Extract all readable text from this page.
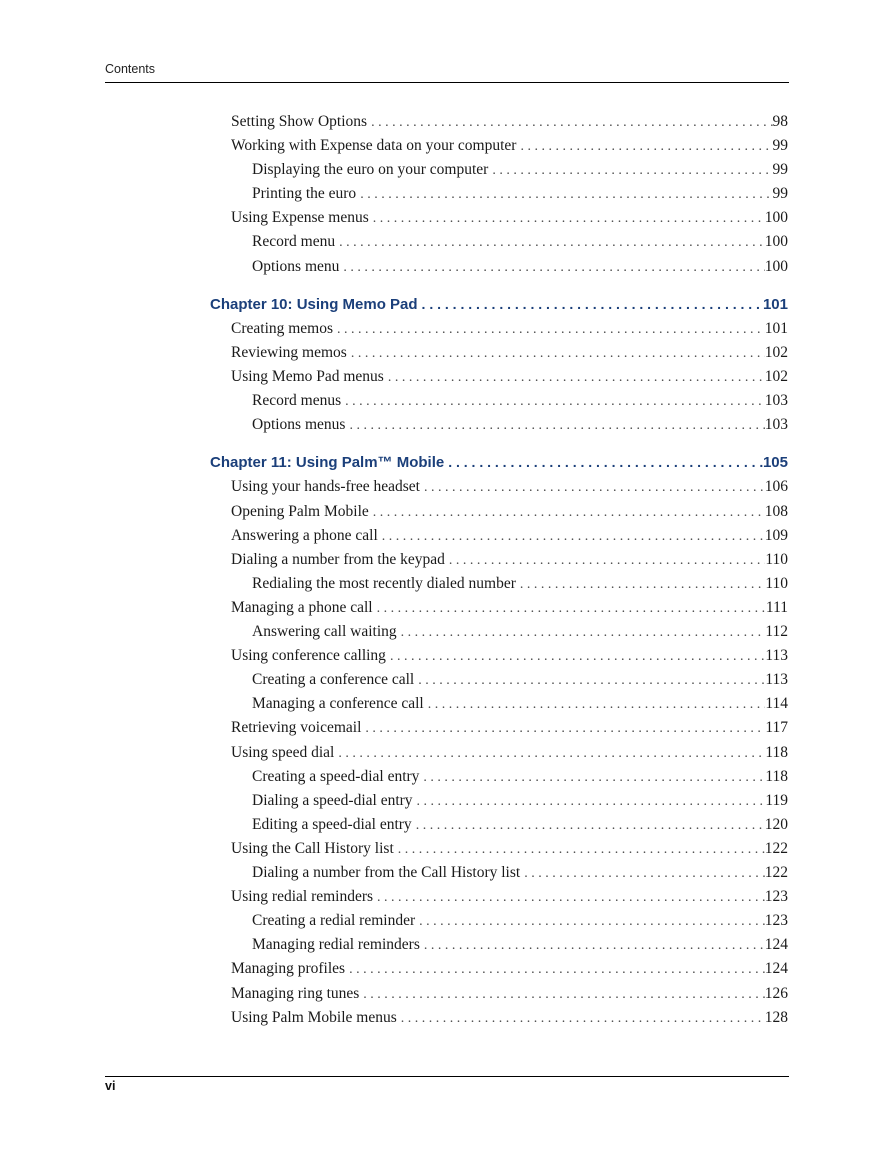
Contents
Setting Show Options . . .	98
Working with Expense data on your computer . . .	99
Displaying the euro on your computer . . .	99
Printing the euro . . .	99
Using Expense menus . . .	100
Record menu . . .	100
Options menu . . .	100
Chapter 10: Using Memo Pad . . .	101
Creating memos . . .	101
Reviewing memos . . .	102
Using Memo Pad menus . . .	102
Record menus . . .	103
Options menus . . .	103
Chapter 11: Using Palm™ Mobile . . .	105
Using your hands-free headset . . .	106
Opening Palm Mobile . . .	108
Answering a phone call . . .	109
Dialing a number from the keypad . . .	110
Redialing the most recently dialed number . . .	110
Managing a phone call . . .	111
Answering call waiting . . .	112
Using conference calling . . .	113
Creating a conference call . . .	113
Managing a conference call . . .	114
Retrieving voicemail . . .	117
Using speed dial . . .	118
Creating a speed-dial entry . . .	118
Dialing a speed-dial entry . . .	119
Editing a speed-dial entry . . .	120
Using the Call History list . . .	122
Dialing a number from the Call History list . . .	122
Using redial reminders . . .	123
Creating a redial reminder . . .	123
Managing redial reminders . . .	124
Managing profiles . . .	124
Managing ring tunes . . .	126
Using Palm Mobile menus . . .	128
vi
